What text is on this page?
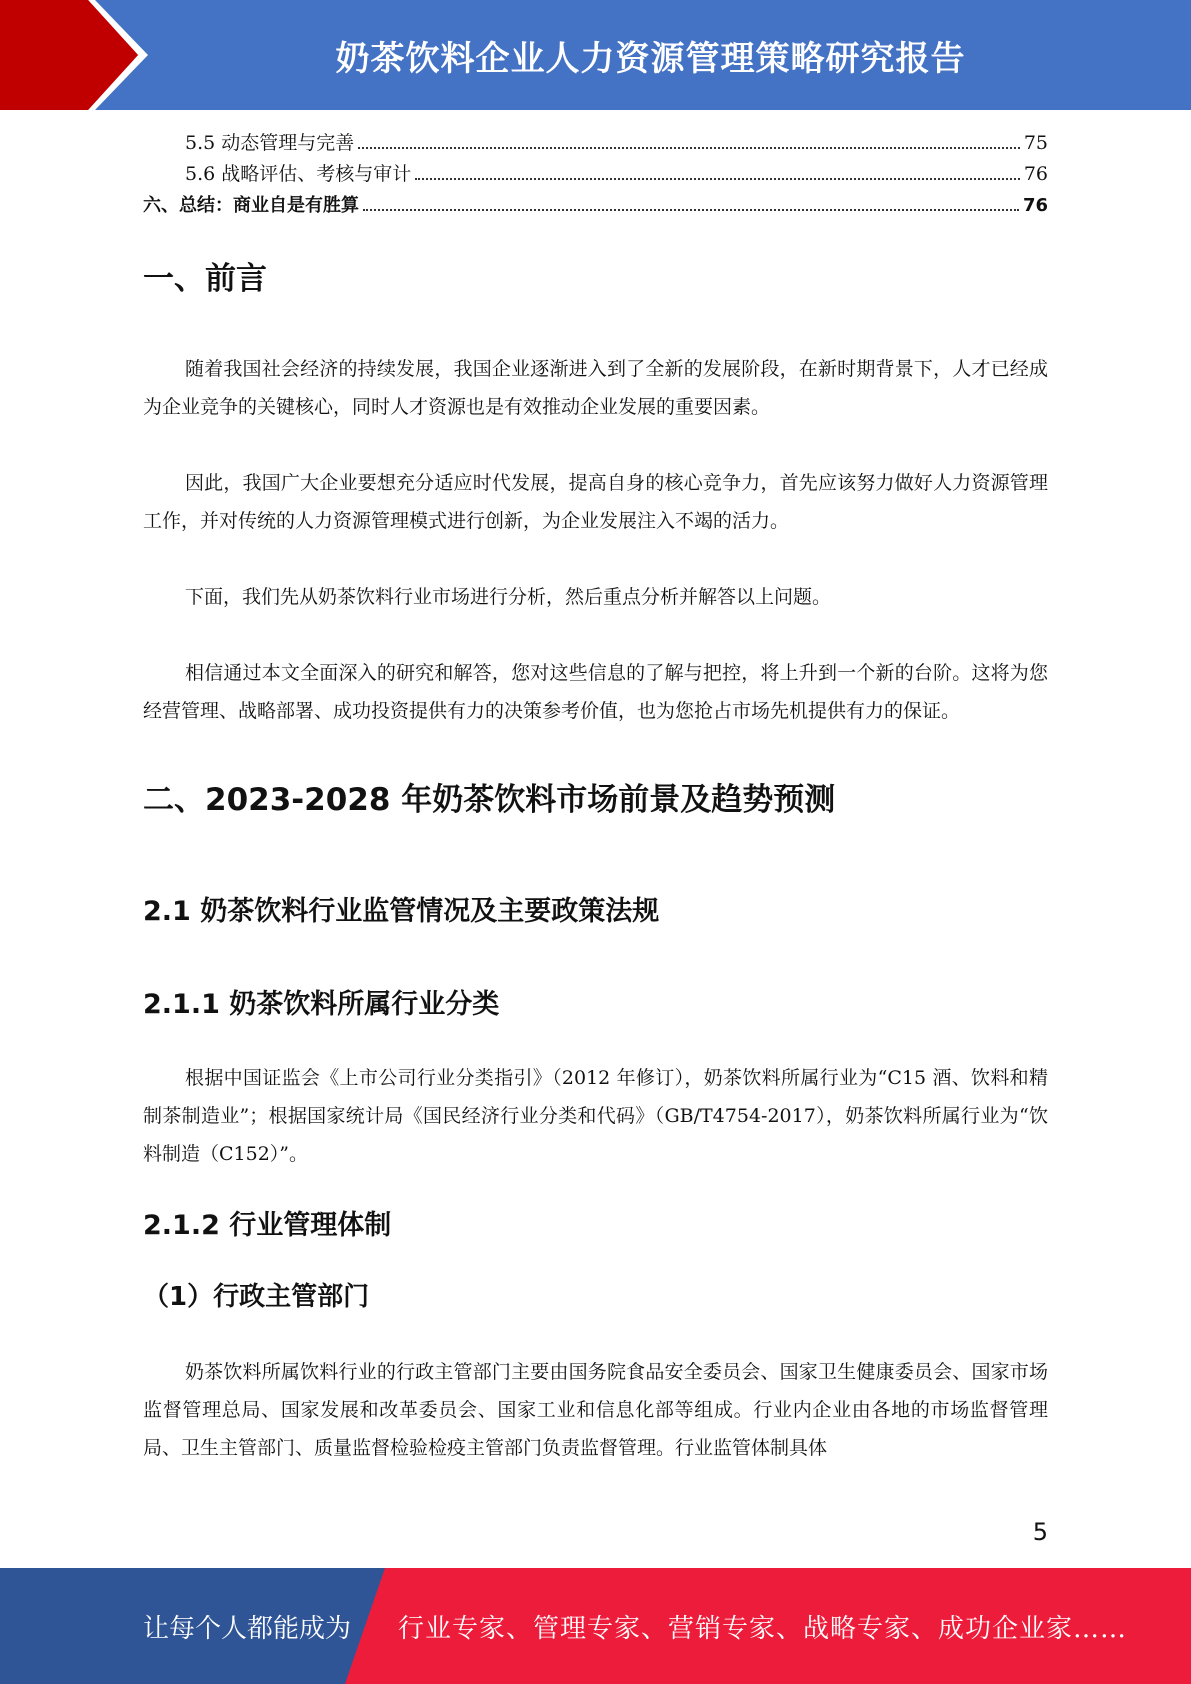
奶茶饮料企业人力资源管理策略研究报告
5.5 动态管理与完善	75
5.6 战略评估、考核与审计	76
六、总结：商业自是有胜算	76
一、前言

随着我国社会经济的持续发展，我国企业逐渐进入到了全新的发展阶段，在新时期背景下，人才已经成为企业竞争的关键核心，同时人才资源也是有效推动企业发展的重要因素。

因此，我国广大企业要想充分适应时代发展，提高自身的核心竞争力，首先应该努力做好人力资源管理工作，并对传统的人力资源管理模式进行创新，为企业发展注入不竭的活力。

下面，我们先从奶茶饮料行业市场进行分析，然后重点分析并解答以上问题。

相信通过本文全面深入的研究和解答，您对这些信息的了解与把控，将上升到一个新的台阶。这将为您经营管理、战略部署、成功投资提供有力的决策参考价值，也为您抢占市场先机提供有力的保证。

二、2023-2028 年奶茶饮料市场前景及趋势预测
2.1 奶茶饮料行业监管情况及主要政策法规
2.1.1 奶茶饮料所属行业分类

根据中国证监会《上市公司行业分类指引》（2012 年修订），奶茶饮料所属行业为“C15 酒、饮料和精制茶制造业”；根据国家统计局《国民经济行业分类和代码》（GB/T4754-2017），奶茶饮料所属行业为“饮料制造（C152）”。

2.1.2 行业管理体制
（1）行政主管部门

奶茶饮料所属饮料行业的行政主管部门主要由国务院食品安全委员会、国家卫生健康委员会、国家市场监督管理总局、国家发展和改革委员会、国家工业和信息化部等组成。行业内企业由各地的市场监督管理局、卫生主管部门、质量监督检验检疫主管部门负责监督管理。行业监管体制具体

5
让每个人都能成为 行业专家、管理专家、营销专家、战略专家、成功企业家……
